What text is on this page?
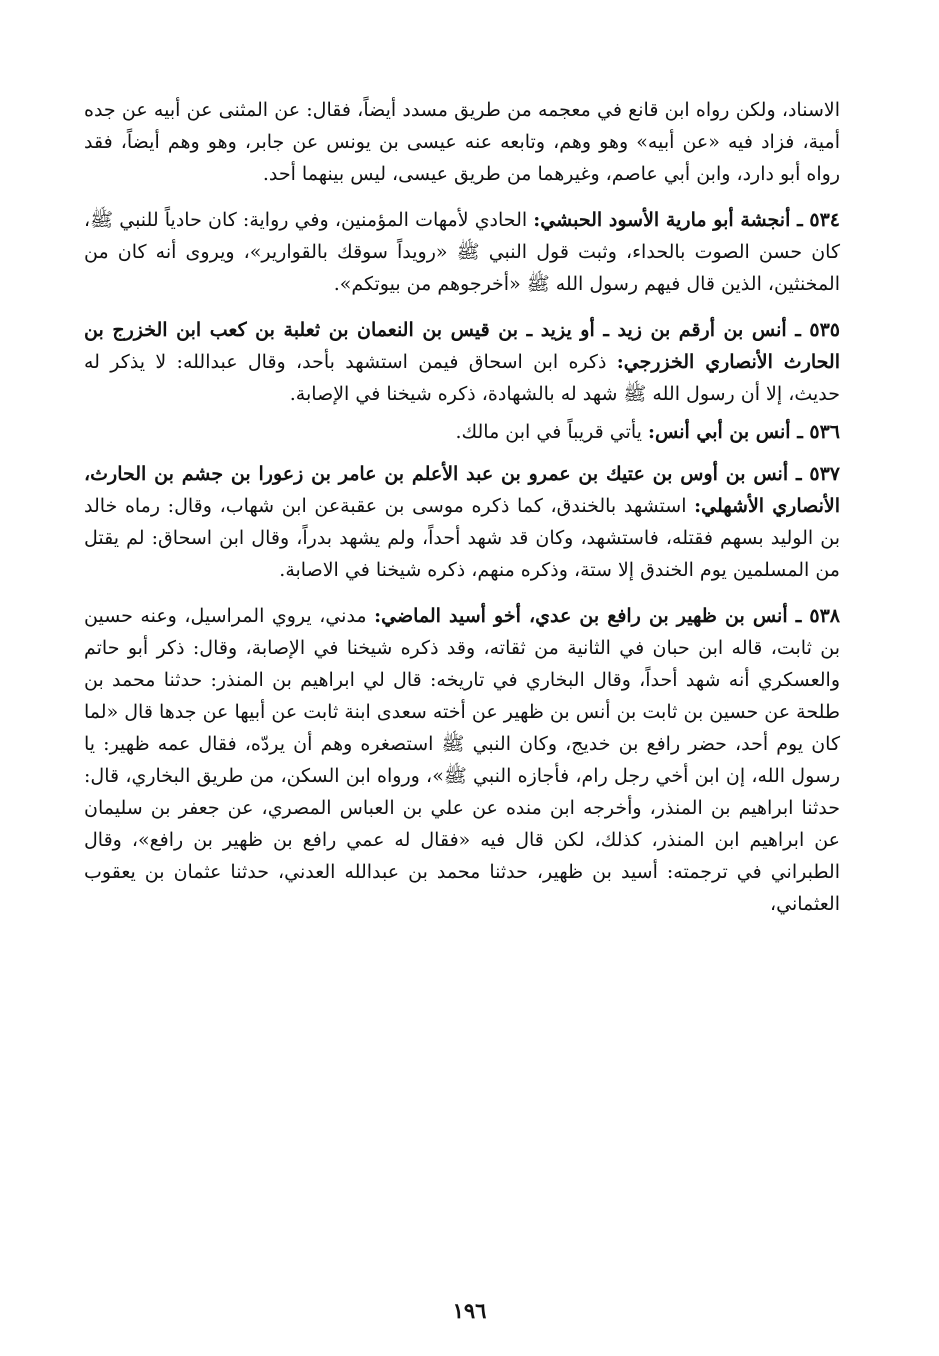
الاسناد، ولكن رواه ابن قانع في معجمه من طريق مسدد أيضاً، فقال: عن المثنى عن أبيه عن جده أمية، فزاد فيه «عن أبيه» وهو وهم، وتابعه عنه عيسى بن يونس عن جابر، وهو وهم أيضاً، فقد رواه أبو دارد، وابن أبي عاصم، وغيرهما من طريق عيسى، ليس بينهما أحد.

٥٣٤ ـ أنجشة أبو مارية الأسود الحبشي: الحادي لأمهات المؤمنين، وفي رواية: كان حادياً للنبي ﷺ، كان حسن الصوت بالحداء، وثبت قول النبي ﷺ «رويداً سوقك بالقوارير»، ويروى أنه كان من المخنثين، الذين قال فيهم رسول الله ﷺ «أخرجوهم من بيوتكم».

٥٣٥ ـ أنس بن أرقم بن زيد ـ أو يزيد ـ بن قيس بن النعمان بن ثعلبة بن كعب ابن الخزرج بن الحارث الأنصاري الخزرجي: ذكره ابن اسحاق فيمن استشهد بأحد، وقال عبدالله: لا يذكر له حديث، إلا أن رسول الله ﷺ شهد له بالشهادة، ذكره شيخنا في الإصابة.

٥٣٦ ـ أنس بن أبي أنس: يأتي قريباً في ابن مالك.

٥٣٧ ـ أنس بن أوس بن عتيك بن عمرو بن عبد الأعلم بن عامر بن زعورا بن جشم بن الحارث، الأنصاري الأشهلي: استشهد بالخندق، كما ذكره موسى بن عقبةعن ابن شهاب، وقال: رماه خالد بن الوليد بسهم فقتله، فاستشهد، وكان قد شهد أحداً، ولم يشهد بدراً، وقال ابن اسحاق: لم يقتل من المسلمين يوم الخندق إلا ستة، وذكره منهم، ذكره شيخنا في الاصابة.

٥٣٨ ـ أنس بن ظهير بن رافع بن عدي، أخو أسيد الماضي: مدني، يروي المراسيل، وعنه حسين بن ثابت، قاله ابن حبان في الثانية من ثقاته، وقد ذكره شيخنا في الإصابة، وقال: ذكر أبو حاتم والعسكري أنه شهد أحداً، وقال البخاري في تاريخه: قال لي ابراهيم بن المنذر: حدثنا محمد بن طلحة عن حسين بن ثابت بن أنس بن ظهير عن أخته سعدى ابنة ثابت عن أبيها عن جدها قال «لما كان يوم أحد، حضر رافع بن خديج، وكان النبي ﷺ استصغره وهم أن يردّه، فقال عمه ظهير: يا رسول الله، إن ابن أخي رجل رام، فأجازه النبي ﷺ»، ورواه ابن السكن، من طريق البخاري، قال: حدثنا ابراهيم بن المنذر، وأخرجه ابن منده عن علي بن العباس المصري، عن جعفر بن سليمان عن ابراهيم ابن المنذر، كذلك، لكن قال فيه «فقال له عمي رافع بن ظهير بن رافع»، وقال الطبراني في ترجمته: أسيد بن ظهير، حدثنا محمد بن عبدالله العدني، حدثنا عثمان بن يعقوب العثماني،

١٩٦
